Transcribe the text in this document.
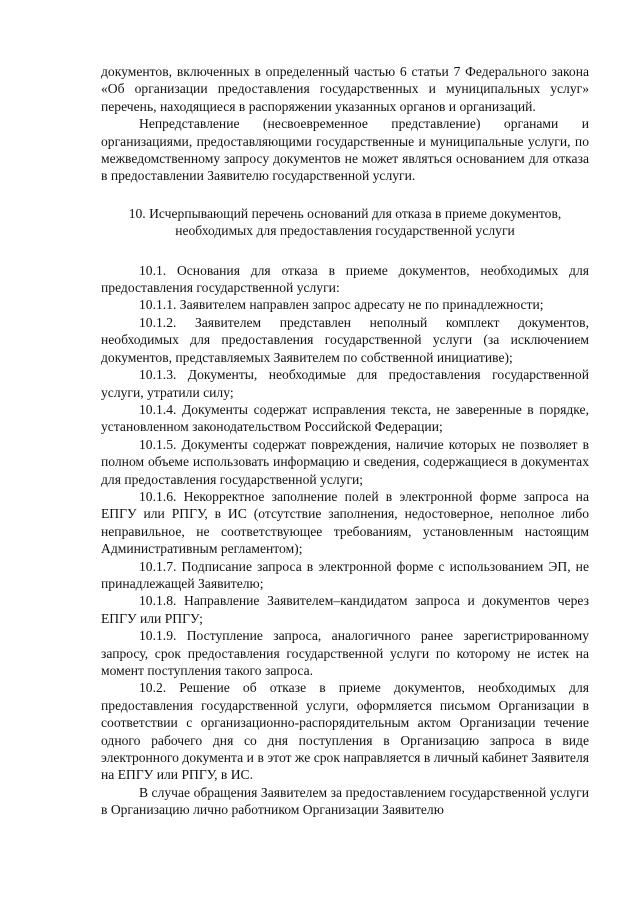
документов, включенных в определенный частью 6 статьи 7 Федерального закона «Об организации предоставления государственных и муниципальных услуг» перечень, находящиеся в распоряжении указанных органов и организаций.

Непредставление (несвоевременное представление) органами и организациями, предоставляющими государственные и муниципальные услуги, по межведомственному запросу документов не может являться основанием для отказа в предоставлении Заявителю государственной услуги.

10. Исчерпывающий перечень оснований для отказа в приеме документов,
необходимых для предоставления государственной услуги

10.1. Основания для отказа в приеме документов, необходимых для предоставления государственной услуги:

10.1.1. Заявителем направлен запрос адресату не по принадлежности;

10.1.2. Заявителем представлен неполный комплект документов, необходимых для предоставления государственной услуги (за исключением документов, представляемых Заявителем по собственной инициативе);

10.1.3. Документы, необходимые для предоставления государственной услуги, утратили силу;

10.1.4. Документы содержат исправления текста, не заверенные в порядке, установленном законодательством Российской Федерации;

10.1.5. Документы содержат повреждения, наличие которых не позволяет в полном объеме использовать информацию и сведения, содержащиеся в документах для предоставления государственной услуги;

10.1.6. Некорректное заполнение полей в электронной форме запроса на ЕПГУ или РПГУ, в ИС (отсутствие заполнения, недостоверное, неполное либо неправильное, не соответствующее требованиям, установленным настоящим Административным регламентом);

10.1.7. Подписание запроса в электронной форме с использованием ЭП, не принадлежащей Заявителю;

10.1.8. Направление Заявителем–кандидатом запроса и документов через ЕПГУ или РПГУ;

10.1.9. Поступление запроса, аналогичного ранее зарегистрированному запросу, срок предоставления государственной услуги по которому не истек на момент поступления такого запроса.

10.2. Решение об отказе в приеме документов, необходимых для предоставления государственной услуги, оформляется письмом Организации в соответствии с организационно-распорядительным актом Организации течение одного рабочего дня со дня поступления в Организацию запроса в виде электронного документа и в этот же срок направляется в личный кабинет Заявителя на ЕПГУ или РПГУ, в ИС.

В случае обращения Заявителем за предоставлением государственной услуги в Организацию лично работником Организации Заявителю
